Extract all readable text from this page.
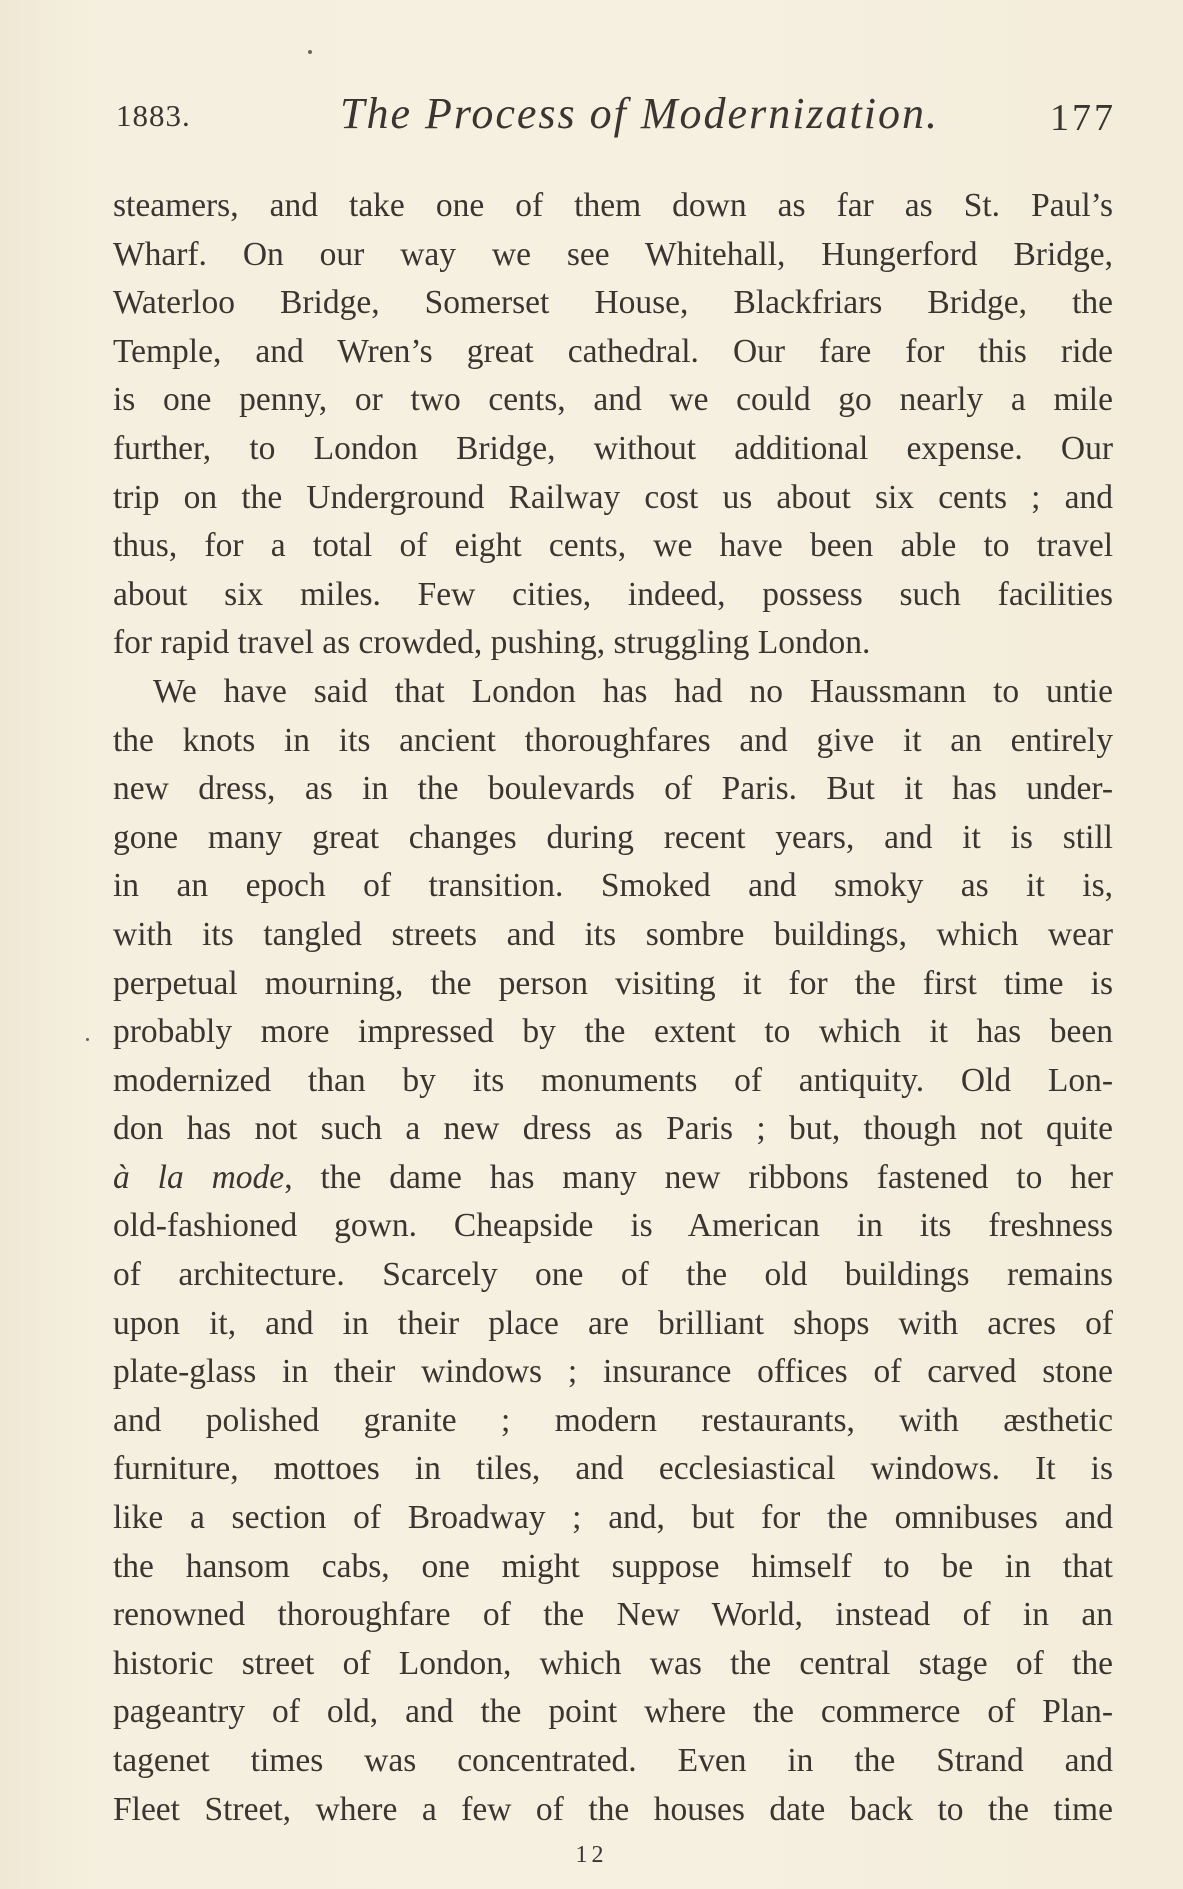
1883.	The Process of Modernization.	177
steamers, and take one of them down as far as St. Paul’s
Wharf. On our way we see Whitehall, Hungerford Bridge,
Waterloo Bridge, Somerset House, Blackfriars Bridge, the
Temple, and Wren’s great cathedral. Our fare for this ride
is one penny, or two cents, and we could go nearly a mile
further, to London Bridge, without additional expense. Our
trip on the Underground Railway cost us about six cents ; and
thus, for a total of eight cents, we have been able to travel
about six miles. Few cities, indeed, possess such facilities
for rapid travel as crowded, pushing, struggling London.
We have said that London has had no Haussmann to untie
the knots in its ancient thoroughfares and give it an entirely
new dress, as in the boulevards of Paris. But it has under-
gone many great changes during recent years, and it is still
in an epoch of transition. Smoked and smoky as it is,
with its tangled streets and its sombre buildings, which wear
perpetual mourning, the person visiting it for the first time is
probably more impressed by the extent to which it has been
modernized than by its monuments of antiquity. Old Lon-
don has not such a new dress as Paris ; but, though not quite
à la mode, the dame has many new ribbons fastened to her
old-fashioned gown. Cheapside is American in its freshness
of architecture. Scarcely one of the old buildings remains
upon it, and in their place are brilliant shops with acres of
plate-glass in their windows ; insurance offices of carved stone
and polished granite ; modern restaurants, with æsthetic
furniture, mottoes in tiles, and ecclesiastical windows. It is
like a section of Broadway ; and, but for the omnibuses and
the hansom cabs, one might suppose himself to be in that
renowned thoroughfare of the New World, instead of in an
historic street of London, which was the central stage of the
pageantry of old, and the point where the commerce of Plan-
tagenet times was concentrated. Even in the Strand and
Fleet Street, where a few of the houses date back to the time
12
